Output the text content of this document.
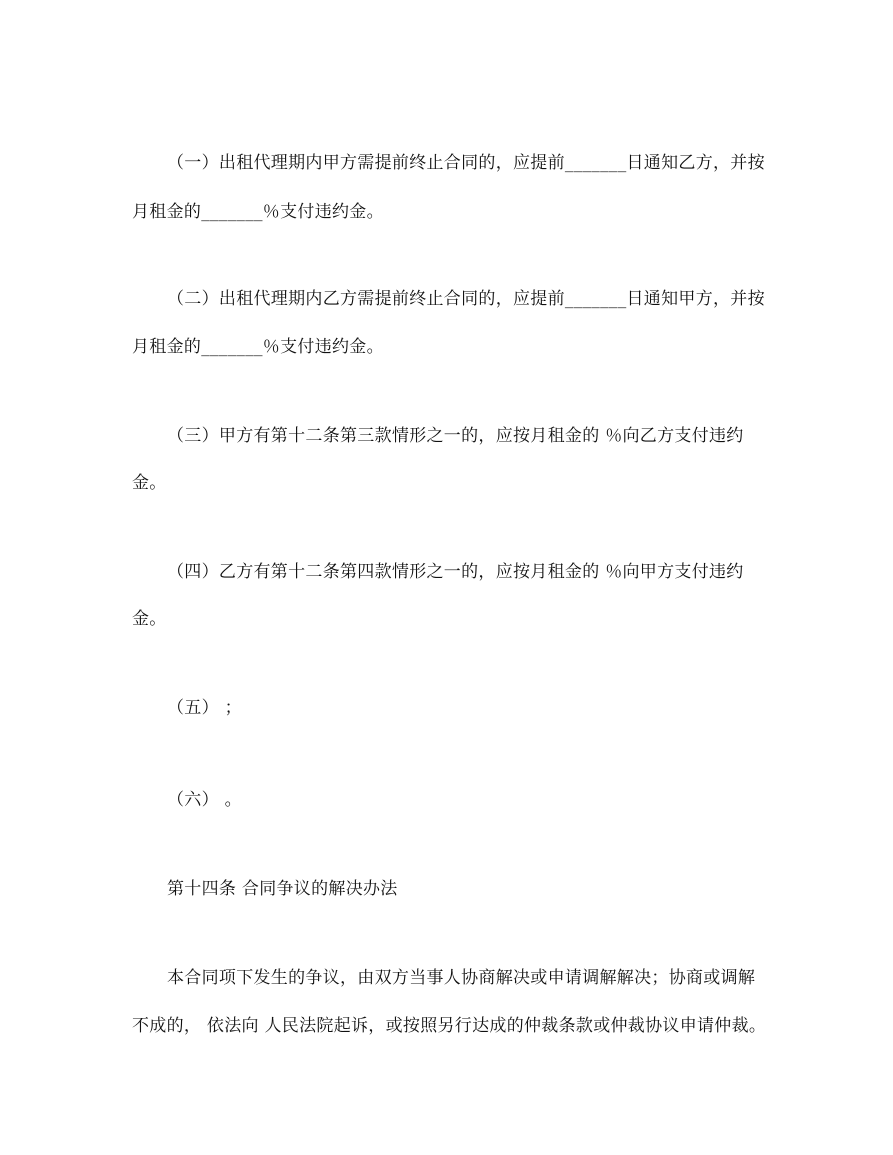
（一）出租代理期内甲方需提前终止合同的，应提前_______日通知乙方，并按
月租金的_______％支付违约金。
（二）出租代理期内乙方需提前终止合同的，应提前_______日通知甲方，并按
月租金的_______％支付违约金。
（三）甲方有第十二条第三款情形之一的，应按月租金的 ％向乙方支付违约
金。
（四）乙方有第十二条第四款情形之一的，应按月租金的 ％向甲方支付违约
金。
（五） ；
（六） 。
第十四条 合同争议的解决办法
本合同项下发生的争议，由双方当事人协商解决或申请调解解决；协商或调解
不成的， 依法向 人民法院起诉，或按照另行达成的仲裁条款或仲裁协议申请仲裁。
